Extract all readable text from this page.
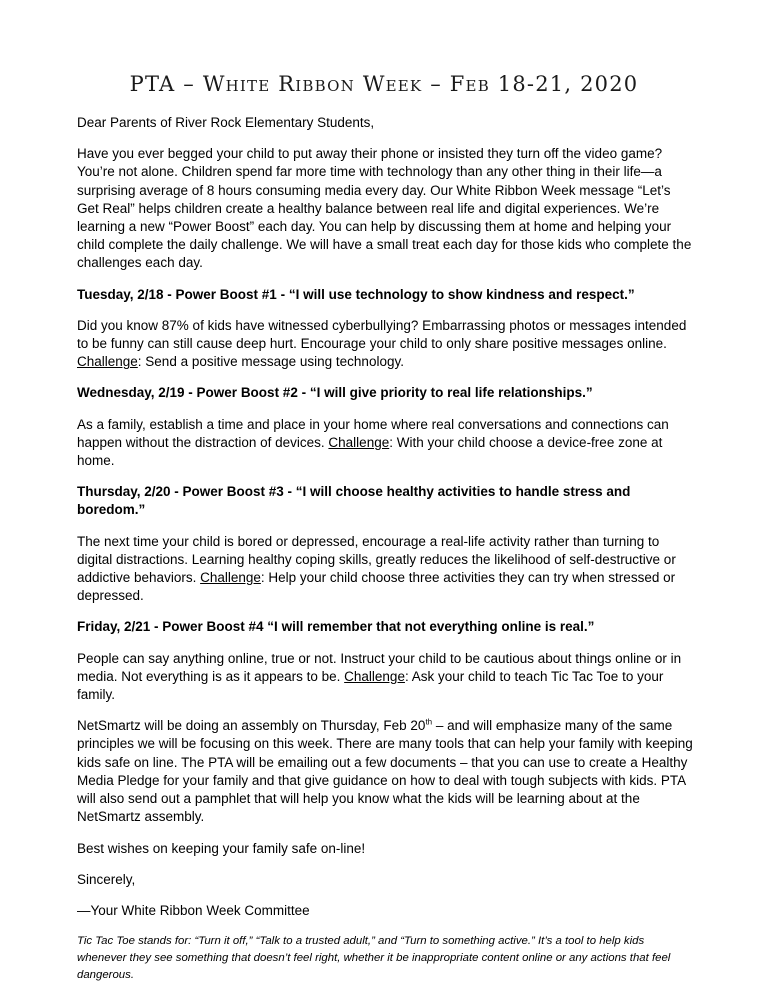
PTA – White Ribbon Week – Feb 18-21, 2020

Dear Parents of River Rock Elementary Students,

Have you ever begged your child to put away their phone or insisted they turn off the video game? You’re not alone. Children spend far more time with technology than any other thing in their life—a surprising average of 8 hours consuming media every day. Our White Ribbon Week message “Let’s Get Real” helps children create a healthy balance between real life and digital experiences. We’re learning a new “Power Boost” each day. You can help by discussing them at home and helping your child complete the daily challenge. We will have a small treat each day for those kids who complete the challenges each day.

Tuesday, 2/18 - Power Boost #1 - “I will use technology to show kindness and respect.”

Did you know 87% of kids have witnessed cyberbullying? Embarrassing photos or messages intended to be funny can still cause deep hurt. Encourage your child to only share positive messages online. Challenge: Send a positive message using technology.

Wednesday, 2/19 - Power Boost #2 - “I will give priority to real life relationships.”

As a family, establish a time and place in your home where real conversations and connections can happen without the distraction of devices. Challenge: With your child choose a device-free zone at home.

Thursday, 2/20 - Power Boost #3 - “I will choose healthy activities to handle stress and boredom.”

The next time your child is bored or depressed, encourage a real-life activity rather than turning to digital distractions. Learning healthy coping skills, greatly reduces the likelihood of self-destructive or addictive behaviors. Challenge: Help your child choose three activities they can try when stressed or depressed.

Friday, 2/21 - Power Boost #4 “I will remember that not everything online is real.”

People can say anything online, true or not. Instruct your child to be cautious about things online or in media. Not everything is as it appears to be. Challenge: Ask your child to teach Tic Tac Toe to your family.

NetSmartz will be doing an assembly on Thursday, Feb 20th – and will emphasize many of the same principles we will be focusing on this week. There are many tools that can help your family with keeping kids safe on line. The PTA will be emailing out a few documents – that you can use to create a Healthy Media Pledge for your family and that give guidance on how to deal with tough subjects with kids. PTA will also send out a pamphlet that will help you know what the kids will be learning about at the NetSmartz assembly.

Best wishes on keeping your family safe on-line!

Sincerely,

—Your White Ribbon Week Committee

Tic Tac Toe stands for: “Turn it off,” “Talk to a trusted adult,” and “Turn to something active.” It’s a tool to help kids whenever they see something that doesn’t feel right, whether it be inappropriate content online or any actions that feel dangerous.
